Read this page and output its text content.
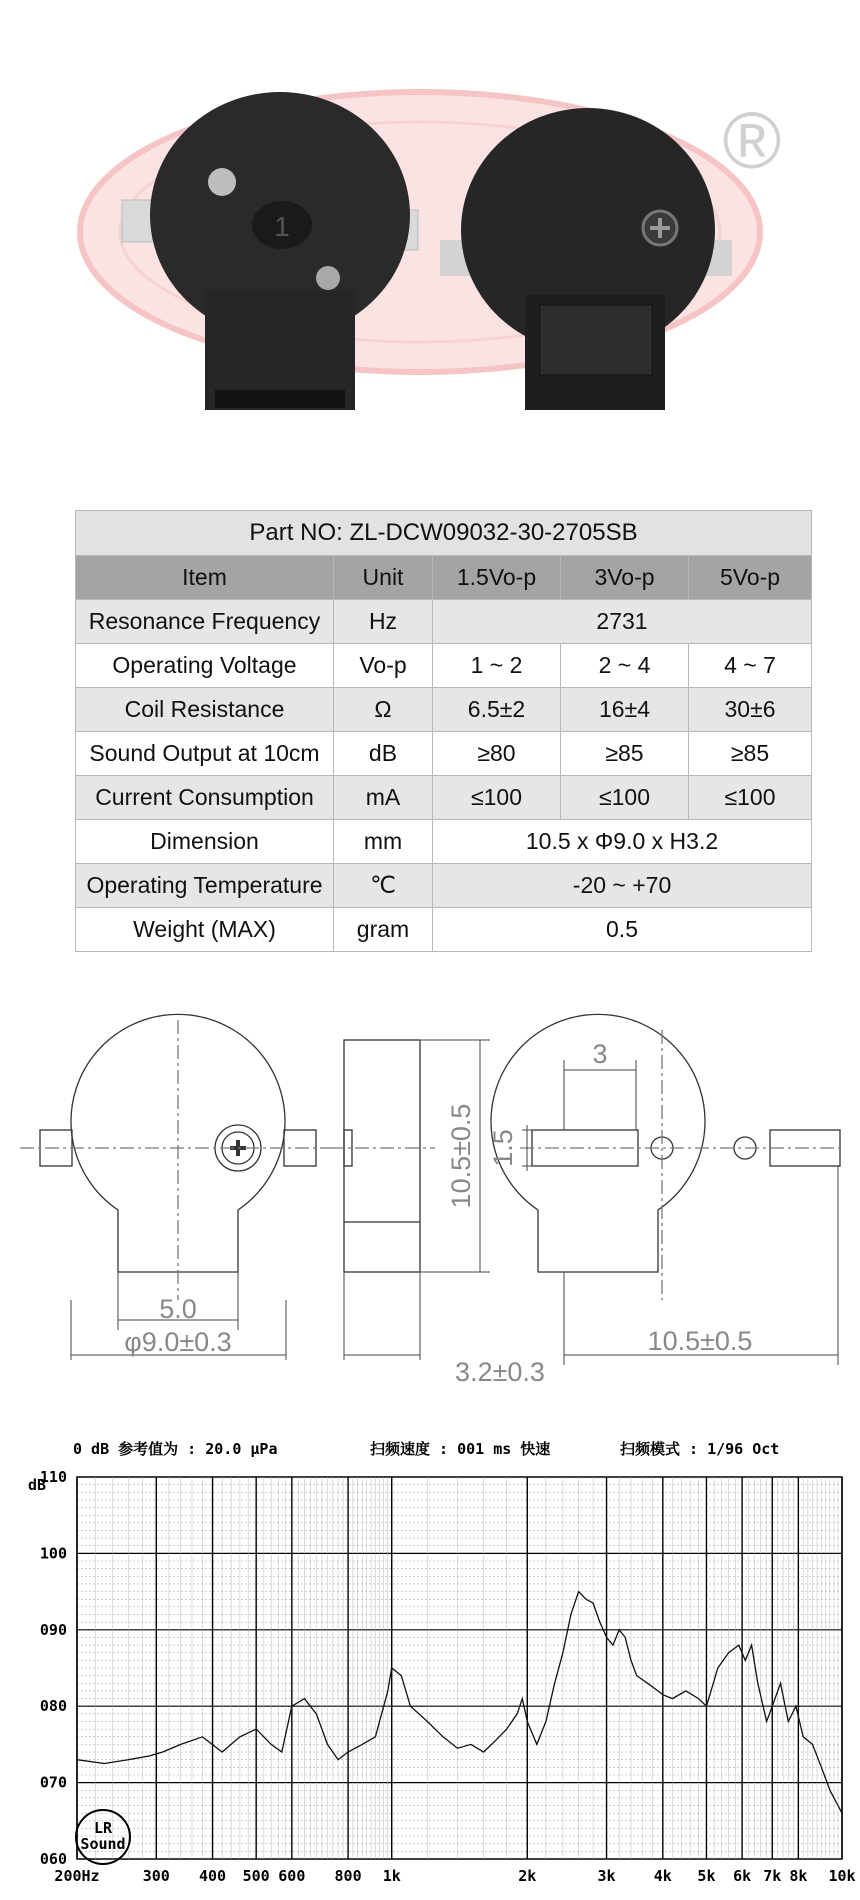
®
1
Part NO: ZL-DCW09032-30-2705SB				
Item	Unit	1.5Vo-p	3Vo-p	5Vo-p
Resonance Frequency	Hz	2731		
Operating Voltage	Vo-p	1 ~ 2	2 ~ 4	4 ~ 7
Coil Resistance	Ω	6.5±2	16±4	30±6
Sound Output at 10cm	dB	≥80	≥85	≥85
Current Consumption	mA	≤100	≤100	≤100
Dimension	mm	10.5 x Φ9.0 x H3.2		
Operating Temperature	℃	-20 ~ +70		
Weight (MAX)	gram	0.5		
5.0
φ9.0±0.3
10.5±0.5
3.2±0.3
3
1.5
10.5±0.5
0 dB 参考值为 : 20.0 μPa	扫频速度 : 001 ms 快速	扫频模式 : 1/96 Oct
dB
110
100
090
080
070
060
200Hz	300 400 500 600 800 1k	2k	3k	4k 5k 6k 7k 8k 10k
LR
Sound
